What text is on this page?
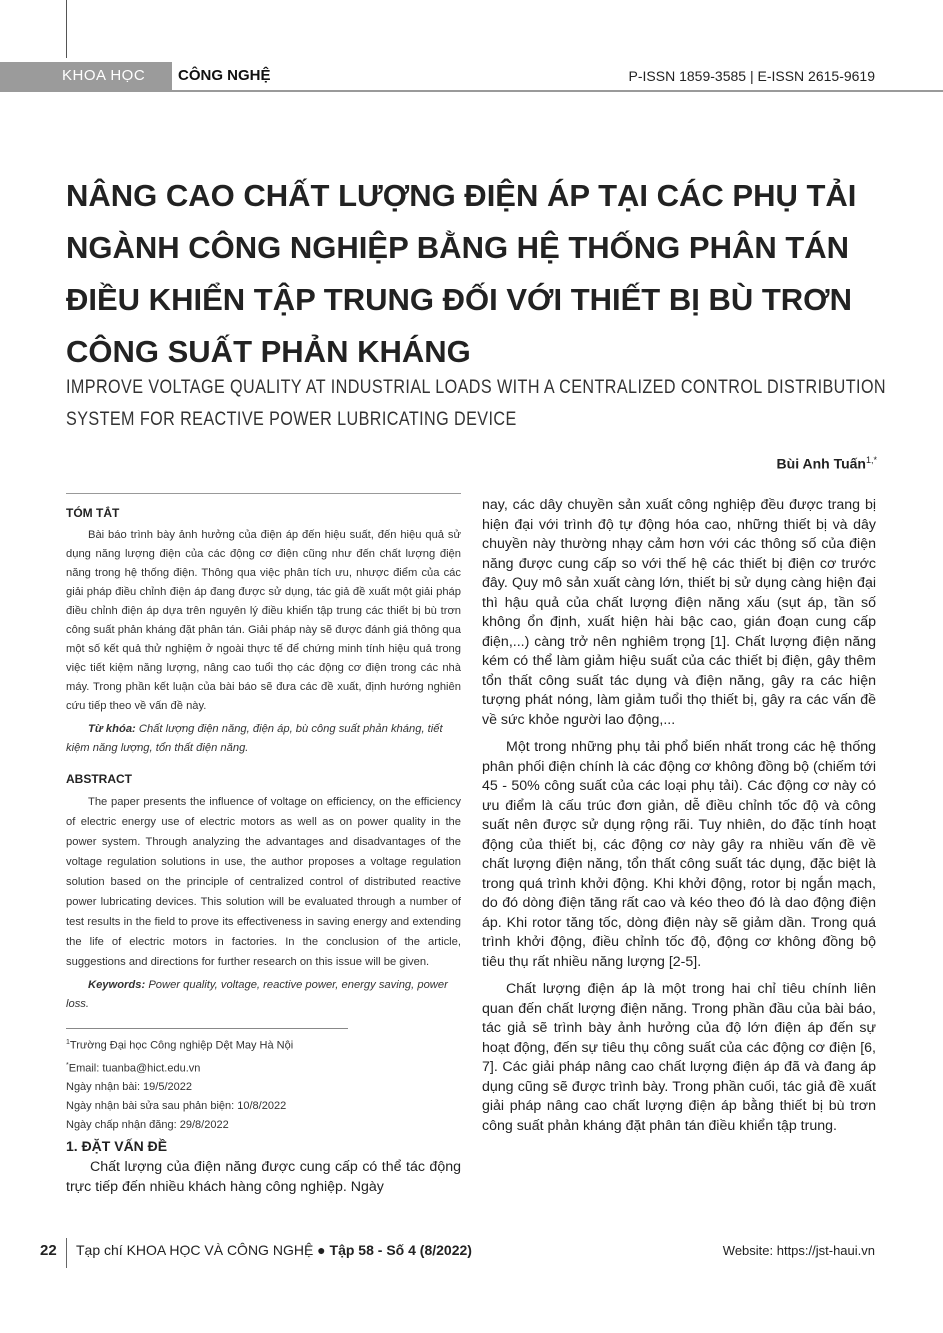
KHOA HỌC CÔNG NGHỆ	P-ISSN 1859-3585 | E-ISSN 2615-9619
NÂNG CAO CHẤT LƯỢNG ĐIỆN ÁP TẠI CÁC PHỤ TẢI
NGÀNH CÔNG NGHIỆP BẰNG HỆ THỐNG PHÂN TÁN
ĐIỀU KHIỂN TẬP TRUNG ĐỐI VỚI THIẾT BỊ BÙ TRƠN
CÔNG SUẤT PHẢN KHÁNG
IMPROVE VOLTAGE QUALITY AT INDUSTRIAL LOADS WITH A CENTRALIZED CONTROL DISTRIBUTION
SYSTEM FOR REACTIVE POWER LUBRICATING DEVICE
Bùi Anh Tuấn$^{1,*}$
TÓM TẮT

Bài báo trình bày ảnh hưởng của điện áp đến hiệu suất, đến hiệu quả sử dụng năng lượng điện của các động cơ điện cũng như đến chất lượng điện năng trong hệ thống điện. Thông qua việc phân tích ưu, nhược điểm của các giải pháp điều chỉnh điện áp đang được sử dụng, tác giả đề xuất một giải pháp điều chỉnh điện áp dựa trên nguyên lý điều khiển tập trung các thiết bị bù trơn công suất phản kháng đặt phân tán. Giải pháp này sẽ được đánh giá thông qua một số kết quả thử nghiệm ở ngoài thực tế để chứng minh tính hiệu quả trong việc tiết kiệm năng lượng, nâng cao tuổi thọ các động cơ điện trong các nhà máy. Trong phần kết luận của bài báo sẽ đưa các đề xuất, định hướng nghiên cứu tiếp theo về vấn đề này.

Từ khóa: Chất lượng điện năng, điện áp, bù công suất phản kháng, tiết kiệm năng lượng, tổn thất điện năng.

ABSTRACT

The paper presents the influence of voltage on efficiency, on the efficiency of electric energy use of electric motors as well as on power quality in the power system. Through analyzing the advantages and disadvantages of the voltage regulation solutions in use, the author proposes a voltage regulation solution based on the principle of centralized control of distributed reactive power lubricating devices. This solution will be evaluated through a number of test results in the field to prove its effectiveness in saving energy and extending the life of electric motors in factories. In the conclusion of the article, suggestions and directions for further research on this issue will be given.

Keywords: Power quality, voltage, reactive power, energy saving, power loss.

$^1$Trường Đại học Công nghiệp Dệt May Hà Nội
*Email: tuanba@hict.edu.vn
Ngày nhận bài: 19/5/2022
Ngày nhận bài sửa sau phản biện: 10/8/2022
Ngày chấp nhận đăng: 29/8/2022
1. ĐẶT VẤN ĐỀ

Chất lượng của điện năng được cung cấp có thể tác động trực tiếp đến nhiều khách hàng công nghiệp. Ngày

nay, các dây chuyền sản xuất công nghiệp đều được trang bị hiện đại với trình độ tự động hóa cao, những thiết bị và dây chuyền này thường nhạy cảm hơn với các thông số của điện năng được cung cấp so với thế hệ các thiết bị điện cơ trước đây. Quy mô sản xuất càng lớn, thiết bị sử dụng càng hiện đại thì hậu quả của chất lượng điện năng xấu (sụt áp, tần số không ổn định, xuất hiện hài bậc cao, gián đoạn cung cấp điện,...) càng trở nên nghiêm trọng [1]. Chất lượng điện năng kém có thể làm giảm hiệu suất của các thiết bị điện, gây thêm tổn thất công suất tác dụng và điện năng, gây ra các hiện tượng phát nóng, làm giảm tuổi thọ thiết bị, gây ra các vấn đề về sức khỏe người lao động,...

Một trong những phụ tải phổ biến nhất trong các hệ thống phân phối điện chính là các động cơ không đồng bộ (chiếm tới 45 - 50% công suất của các loại phụ tải). Các động cơ này có ưu điểm là cấu trúc đơn giản, dễ điều chỉnh tốc độ và công suất nên được sử dụng rộng rãi. Tuy nhiên, do đặc tính hoạt động của thiết bị, các động cơ này gây ra nhiều vấn đề về chất lượng điện năng, tổn thất công suất tác dụng, đặc biệt là trong quá trình khởi động. Khi khởi động, rotor bị ngắn mạch, do đó dòng điện tăng rất cao và kéo theo đó là dao động điện áp. Khi rotor tăng tốc, dòng điện này sẽ giảm dần. Trong quá trình khởi động, điều chỉnh tốc độ, động cơ không đồng bộ tiêu thụ rất nhiều năng lượng [2-5].

Chất lượng điện áp là một trong hai chỉ tiêu chính liên quan đến chất lượng điện năng. Trong phần đầu của bài báo, tác giả sẽ trình bày ảnh hưởng của độ lớn điện áp đến sự hoạt động, đến sự tiêu thụ công suất của các động cơ điện [6, 7]. Các giải pháp nâng cao chất lượng điện áp đã và đang áp dụng cũng sẽ được trình bày. Trong phần cuối, tác giả đề xuất giải pháp nâng cao chất lượng điện áp bằng thiết bị bù trơn công suất phản kháng đặt phân tán điều khiển tập trung.

22 Tạp chí KHOA HỌC VÀ CÔNG NGHỆ ● Tập 58 - Số 4 (8/2022)	Website: https://jst-haui.vn
